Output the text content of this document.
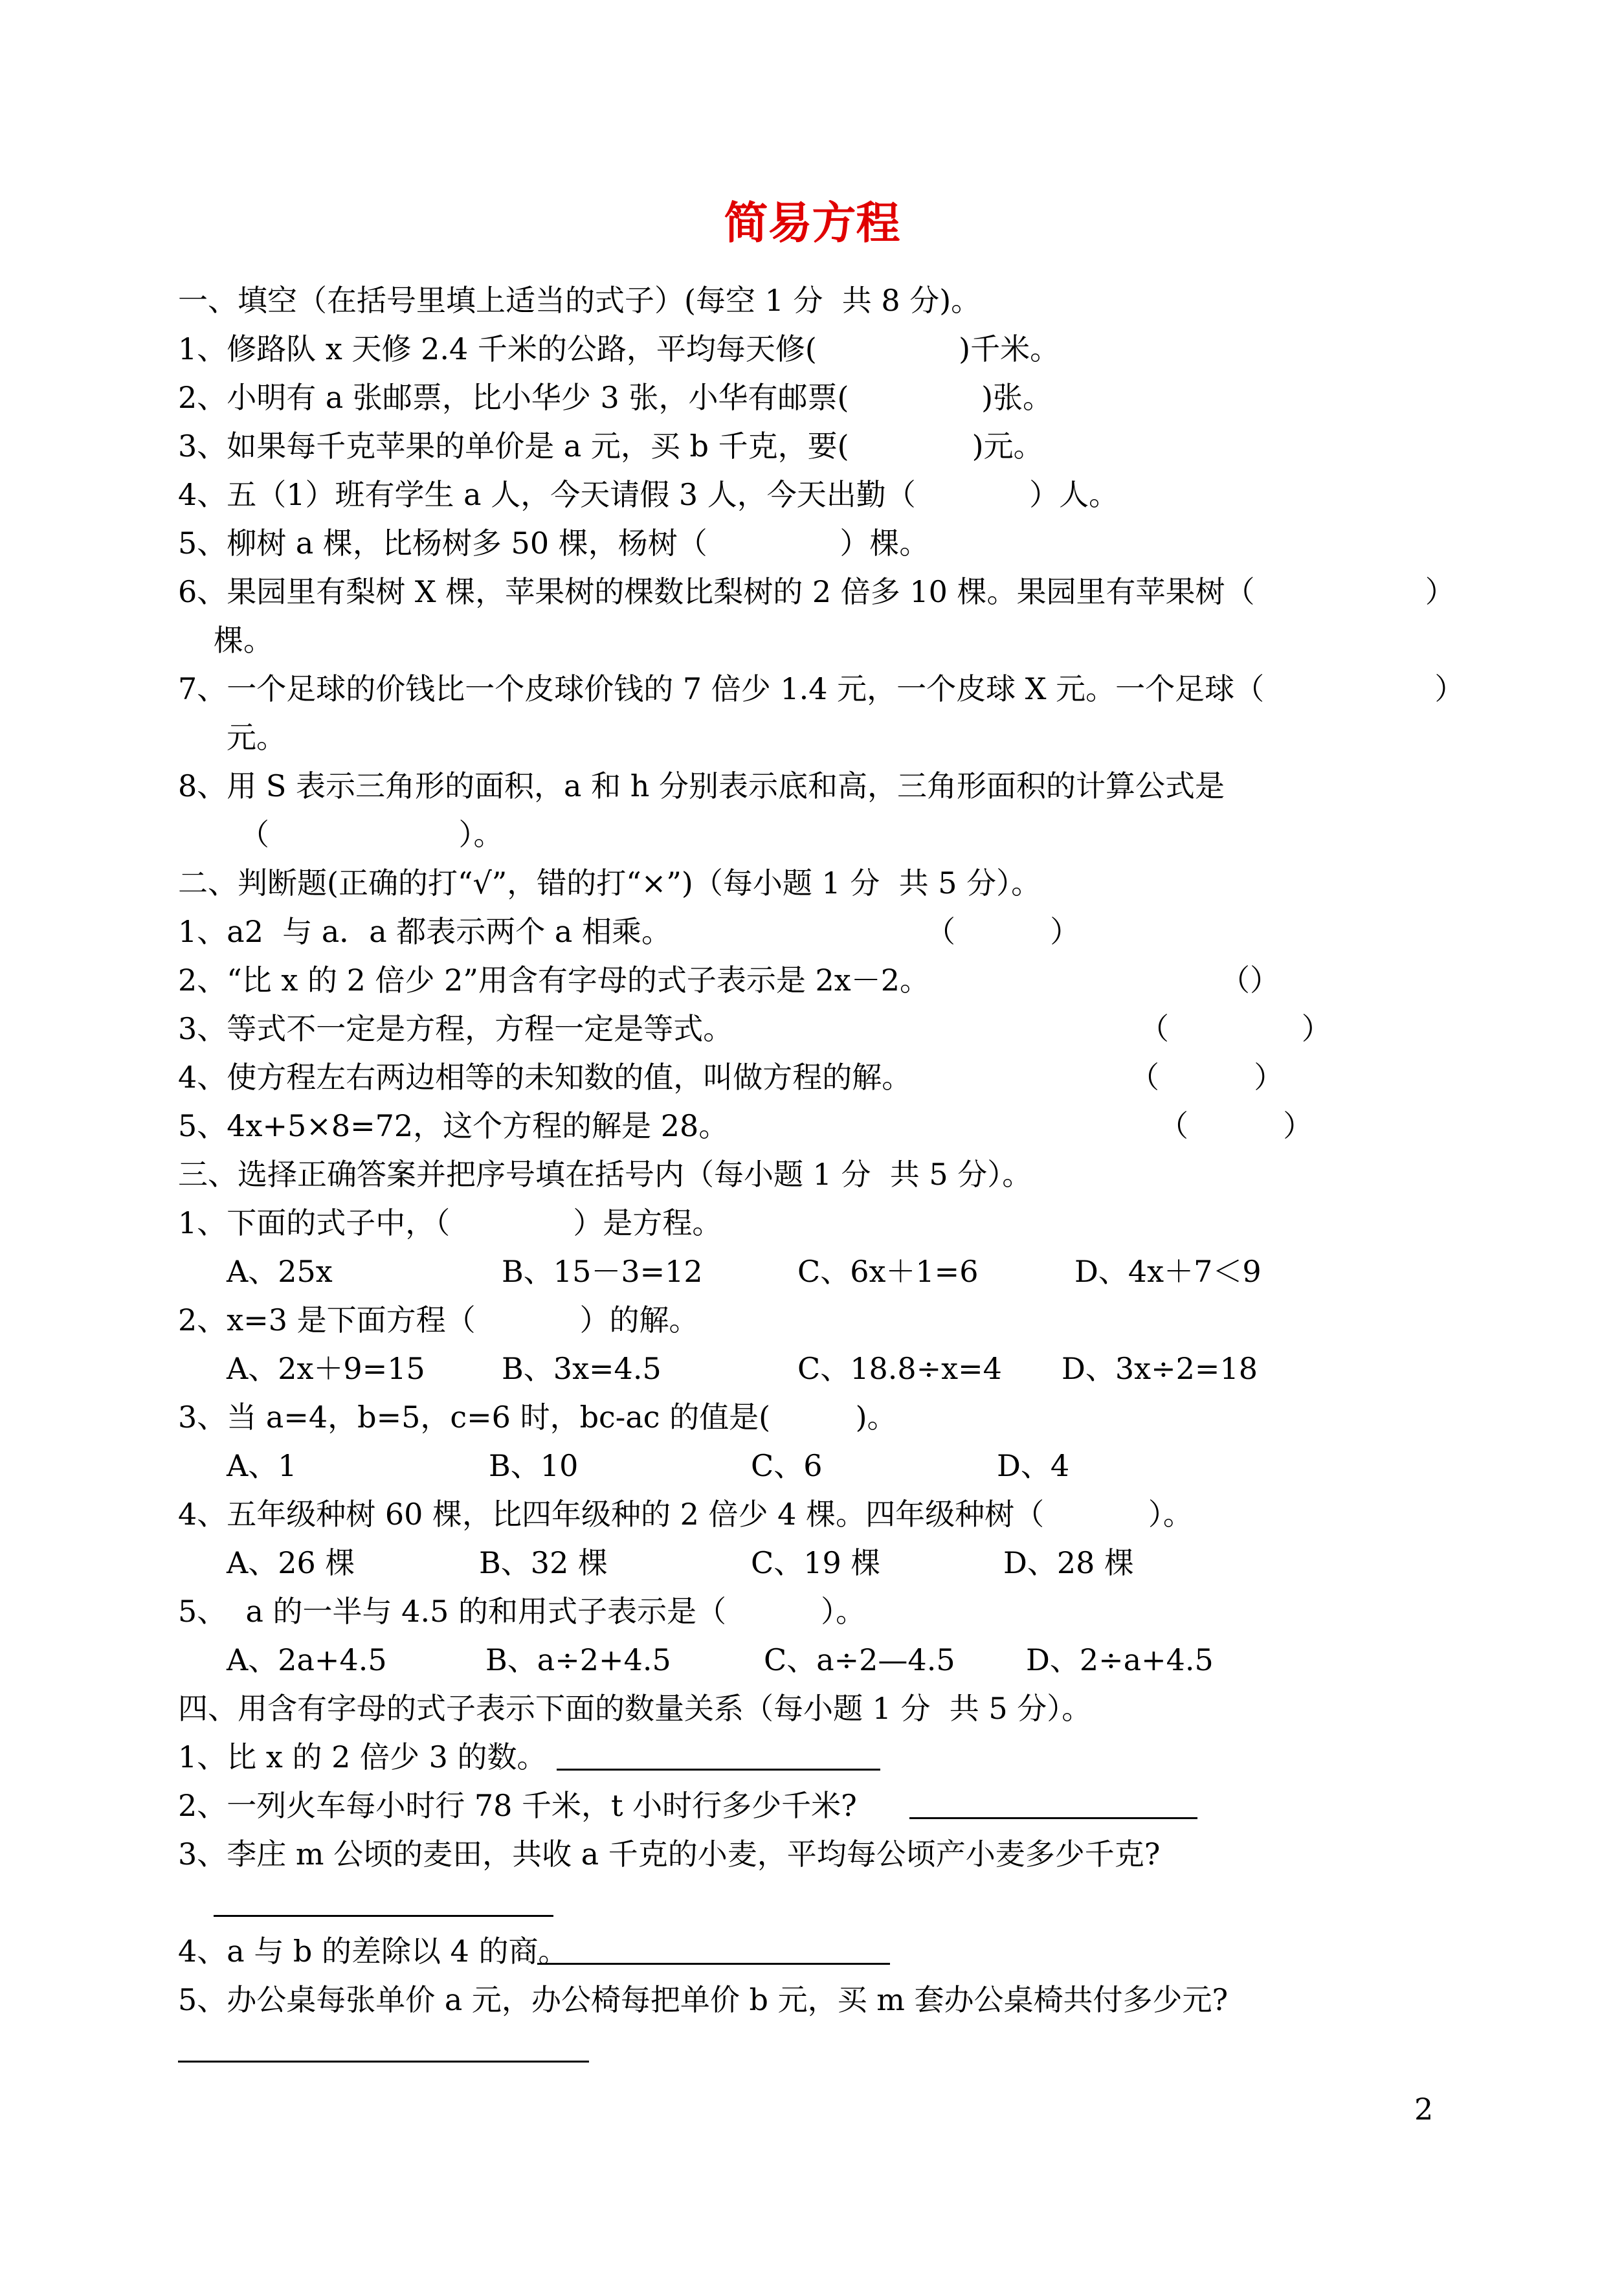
简易方程
一、填空（在括号里填上适当的式子）(每空 1 分  共 8 分)。
1、修路队 x 天修 2.4 千米的公路，平均每天修(               )千米。
2、小明有 a 张邮票，比小华少 3 张，小华有邮票(              )张。
3、如果每千克苹果的单价是 a 元，买 b 千克，要(             )元。
4、五（1）班有学生 a 人，今天请假 3 人，今天出勤（            ）人。
5、柳树 a 棵，比杨树多 50 棵，杨树（              ）棵。
6、果园里有梨树 X 棵，苹果树的棵数比梨树的 2 倍多 10 棵。果园里有苹果树（                  ）
棵。
7、一个足球的价钱比一个皮球价钱的 7 倍少 1.4 元，一个皮球 X 元。一个足球（                  ）
元。
8、用 S 表示三角形的面积，a 和 h 分别表示底和高，三角形面积的计算公式是
（                    ）。
二、判断题(正确的打“√”，错的打“×”)（每小题 1 分  共 5 分）。
1、a2  与 a．a 都表示两个 a 相乘。	（          ）
2、“比 x 的 2 倍少 2”用含有字母的式子表示是 2x－2。	（）
3、等式不一定是方程，方程一定是等式。	（              ）
4、使方程左右两边相等的未知数的值，叫做方程的解。	（          ）
5、4x+5×8=72，这个方程的解是 28。	（          ）
三、选择正确答案并把序号填在括号内（每小题 1 分  共 5 分）。
1、下面的式子中，（             ）是方程。
A、25x	B、15－3=12	C、6x＋1=6	D、4x＋7＜9
2、x=3 是下面方程（           ）的解。
A、2x＋9=15	B、3x=4.5	C、18.8÷x=4 D、3x÷2=18
3、当 a=4，b=5，c=6 时，bc-ac 的值是(         )。
A、1	B、10	C、6	D、4
4、五年级种树 60 棵，比四年级种的 2 倍少 4 棵。四年级种树（           ）。
A、26 棵	B、32 棵	C、19 棵	D、28 棵
5、  a 的一半与 4.5 的和用式子表示是（          ）。
A、2a+4.5	B、a÷2+4.5	C、a÷2—4.5 D、2÷a+4.5
四、用含有字母的式子表示下面的数量关系（每小题 1 分  共 5 分）。
1、比 x 的 2 倍少 3 的数。
2、一列火车每小时行 78 千米，t 小时行多少千米?
3、李庄 m 公顷的麦田，共收 a 千克的小麦，平均每公顷产小麦多少千克?
4、a 与 b 的差除以 4 的商。
5、办公桌每张单价 a 元，办公椅每把单价 b 元，买 m 套办公桌椅共付多少元?
2
